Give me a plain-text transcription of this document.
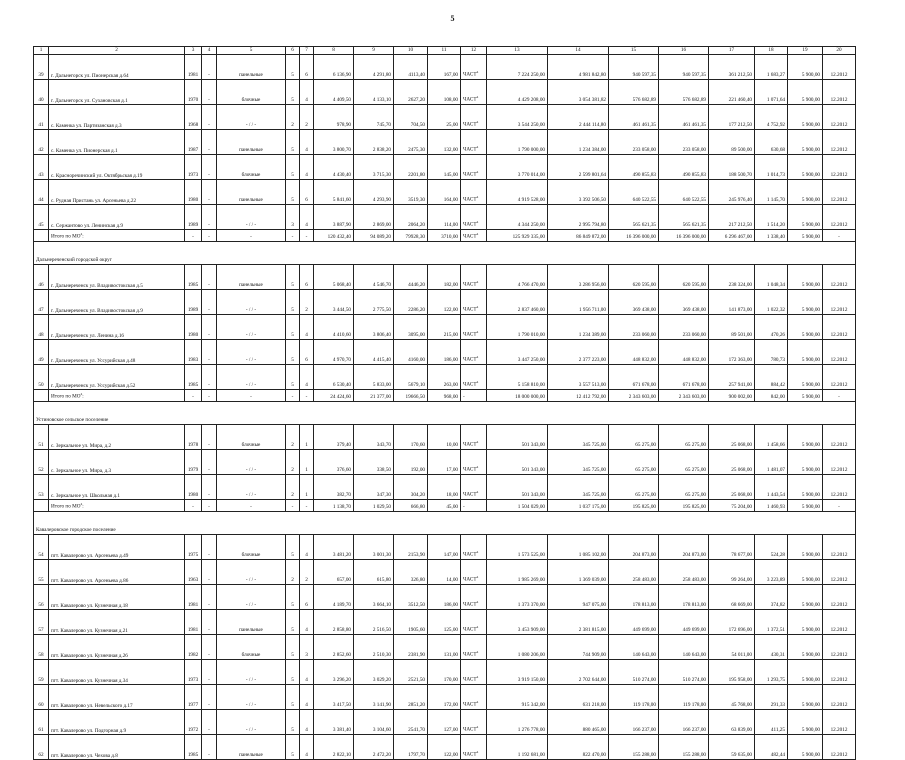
5
1	2	3	4	5	6	7	8	9	10	11	12	13	14	15	16	17	18	19	20
39	г. Дальнегорск ул. Пионерская д.64	1981	-	панельные	5	6	6 136,90	4 291,80	4113,40	167,00	ЧАСТ$^4$	7 224 250,00	4 981 842,80	940 597,35	940 597,35	361 212,50	1 683,27	5 900,00	12.2012
40	г. Дальнегорск ул. Сухановская д.1	1970	-	блочные	5	4	4 409,50	4 133,10	2627,20	108,00	ЧАСТ$^4$	4 429 208,00	3 054 381,82	576 682,89	576 682,89	221 460,40	1 071,64	5 900,00	12.2012
41	с. Каменка ул. Партизанская д.3	1968	-	- / / -	2	2	978,90	745,70	704,50	25,00	ЧАСТ$^4$	3 544 250,00	2 444 114,80	461 461,35	461 461,35	177 212,50	4 752,92	5 900,00	12.2012
42	с. Каменка ул. Пионерская д.1	1987	-	панельные	5	4	3 800,70	2 838,20	2475,30	132,00	ЧАСТ$^4$	1 790 000,00	1 234 384,00	233 058,00	233 058,00	89 500,00	630,68	5 900,00	12.2012
43	с. Красноречинский ул. Октябрьская д.19	1973	-	блочные	5	4	4 430,40	3 715,30	2201,80	145,00	ЧАСТ$^4$	3 770 014,00	2 599 801,64	490 855,83	490 855,83	188 500,70	1 014,73	5 900,00	12.2012
44	с. Рудная Пристань ул. Арсеньева д.22	1980	-	панельные	5	6	5 841,60	4 293,90	3519,30	164,00	ЧАСТ$^4$	4 919 528,00	3 392 506,50	640 522,55	640 522,55	245 976,40	1 145,70	5 900,00	12.2012
45	с. Сержантово ул. Ленинская д.9	1989	-	- / / -	3	4	3 887,90	2 869,00	2064,20	114,00	ЧАСТ$^4$	4 344 250,00	2 995 794,80	565 621,35	565 621,35	217 212,50	1 514,20	5 900,00	12.2012
	Итого по $МО^4$:	-	-	-	-	-	120 432,40	94 089,20	79928,30	3710,00	ЧАСТ$^4$	125 929 335,00	86 849 872,00	16 396 000,00	16 396 000,00	6 296 467,00	1 338,40	5 900,00	-
Дальнереченский городской округ																			
46	г. Дальнереченск ул. Владивостокская д.5	1985	-	панельные	5	6	5 068,40	4 546,70	4446,20	182,00	ЧАСТ$^4$	4 766 470,00	3 286 956,00	620 595,00	620 595,00	238 324,00	1 048,34	5 900,00	12.2012
47	г. Дальнереченск ул. Владивостокская д.9	1989	-	- / / -	5	2	3 444,50	2 775,50	2286,20	122,00	ЧАСТ$^4$	2 837 460,00	1 956 711,00	369 438,00	369 438,00	141 873,00	1 022,32	5 900,00	12.2012
48	г. Дальнереченск ул. Ленина д.16	1980	-	- / / -	5	4	4 410,60	3 806,40	3095,00	215,00	ЧАСТ$^4$	1 790 010,00	1 234 389,00	233 060,00	233 060,00	89 501,00	470,26	5 900,00	12.2012
49	г. Дальнереченск ул. Уссурийская д.48	1983	-	- / / -	5	6	4 970,70	4 415,40	4160,00	186,00	ЧАСТ$^4$	3 447 250,00	2 377 223,00	448 832,00	448 832,00	172 363,00	780,73	5 900,00	12.2012
50	г. Дальнереченск ул. Уссурийская д.52	1985	-	- / / -	5	4	6 530,40	5 833,00	5679,10	263,00	ЧАСТ$^4$	5 158 810,00	3 557 513,00	671 678,00	671 678,00	257 941,00	884,42	5 900,00	12.2012
	Итого по $МО^4$:	-	-	-	-	-	24 424,60	21 377,00	19666,50	968,00	-	18 000 000,00	12 412 792,00	2 343 603,00	2 343 603,00	900 002,00	842,00	5 900,00	-
Устиновское сельское поселение																			
51	с. Зеркальное ул. Мира, д.2	1978	-	блочные	2	1	379,40	343,70	170,60	10,00	ЧАСТ$^4$	501 343,00	345 725,00	65 275,00	65 275,00	25 068,00	1 458,66	5 900,00	12.2012
52	с. Зеркальное ул. Мира, д.3	1979	-	- / / -	2	1	376,60	338,50	192,00	17,00	ЧАСТ$^4$	501 343,00	345 725,00	65 275,00	65 275,00	25 068,00	1 481,07	5 900,00	12.2012
53	с. Зеркальное ул. Школьная д.1	1980	-	- / / -	2	1	382,70	347,30	304,20	18,00	ЧАСТ$^4$	501 343,00	345 725,00	65 275,00	65 275,00	25 068,00	1 443,54	5 900,00	12.2012
	Итого по $МО^4$:	-	-	-	-	-	1 138,70	1 029,50	666,80	45,00	-	1 504 029,00	1 037 175,00	195 825,00	195 825,00	75 204,00	1 460,93	5 900,00	-
Кавалеровское городское поселение																			
54	пгт. Кавалерово ул. Арсеньева д.49	1975	-	блочные	5	4	3 481,20	3 001,30	2153,90	147,00	ЧАСТ$^4$	1 573 525,00	1 085 102,00	204 873,00	204 873,00	78 677,00	524,28	5 900,00	12.2012
55	пгт. Кавалерово ул. Арсеньева д.86	1963	-	- / / -	2	2	657,00	615,80	326,80	14,00	ЧАСТ$^4$	1 985 269,00	1 369 039,00	258 483,00	258 483,00	99 264,00	3 223,89	5 900,00	12.2012
56	пгт. Кавалерово ул. Кузнечная д.18	1981	-	- / / -	5	6	4 189,70	3 664,10	3512,50	186,00	ЧАСТ$^4$	1 373 370,00	947 075,00	178 813,00	178 813,00	68 669,00	374,82	5 900,00	12.2012
57	пгт. Кавалерово ул. Кузнечная д.21	1981	-	панельные	5	4	2 858,80	2 516,50	1905,60	125,00	ЧАСТ$^4$	3 453 909,00	2 381 815,00	449 699,00	449 699,00	172 696,00	1 372,51	5 900,00	12.2012
58	пгт. Кавалерово ул. Кузнечная д.26	1982	-	блочные	5	3	2 852,60	2 510,30	2381,90	131,00	ЧАСТ$^4$	1 080 206,00	744 909,00	140 643,00	140 643,00	54 011,00	430,31	5 900,00	12.2012
59	пгт. Кавалерово ул. Кузнечная д.34	1973	-	- / / -	5	4	3 296,20	3 029,20	2521,50	170,00	ЧАСТ$^4$	3 919 150,00	2 702 644,00	510 274,00	510 274,00	195 958,00	1 293,75	5 900,00	12.2012
60	пгт. Кавалерово ул. Невельского д.17	1977	-	- / / -	5	4	3 417,50	3 141,90	2851,20	172,00	ЧАСТ$^4$	915 342,00	631 218,00	119 178,00	119 178,00	45 768,00	291,33	5 900,00	12.2012
61	пгт. Кавалерово ул. Подгорная д.9	1972	-	- / / -	5	4	3 381,40	3 104,60	2541,70	127,00	ЧАСТ$^4$	1 276 778,00	880 465,00	166 237,00	166 237,00	63 839,00	411,25	5 900,00	12.2012
62	пгт. Кавалерово ул. Чехова д.8	1985	-	панельные	5	4	2 822,10	2 472,20	1797,70	122,00	ЧАСТ$^4$	1 192 681,00	822 470,00	155 288,00	155 288,00	59 635,00	482,44	5 900,00	12.2012
